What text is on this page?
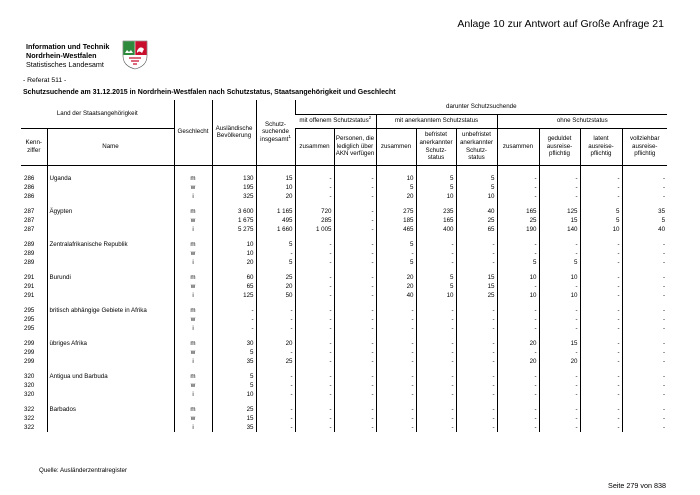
Anlage 10 zur Antwort auf Große Anfrage 21
Information und Technik
Nordrhein-Westfalen
Statistisches Landesamt
- Referat 511 -
Schutzsuchende am 31.12.2015 in Nordrhein-Westfalen nach Schutzstatus, Staatsangehörigkeit und Geschlecht
Land der Staatsangehörigkeit		Geschlecht	Ausländische Bevölkerung	Schutz-
suchende
insgesamt$^1$	darunter Schutzsuchende								
					mit offenem Schutzstatus$^2$		mit anerkanntem Schutzstatus			ohne Schutzstatus			
Kenn-
ziffer	Name				zusammen	Personen, die lediglich über AKN verfügen	zusammen	befristet anerkannter Schutz-
status	unbefristet anerkannter Schutz-
status	zusammen	geduldet ausreise-
pflichtig	latent ausreise-
pflichtig	vollziehbar ausreise-
pflichtig

286	Uganda	m	130	15	-	-	10	5	5	-	-	-	-
286		w	195	10	-	-	5	5	5	-	-	-	-
286		i	325	20	-	-	20	10	10	-	-	-	-

287	Ägypten	m	3 600	1 165	720	-	275	235	40	165	125	5	35
287		w	1 675	495	285	-	185	165	25	25	15	5	5
287		i	5 275	1 660	1 005	-	465	400	65	190	140	10	40

289	Zentralafrikanische Republik	m	10	5	-	-	5	-	-	-	-	-	-
289		w	10	-	-	-	-	-	-	-	-	-	-
289		i	20	5	-	-	5	-	-	5	5	-	-

291	Burundi	m	60	25	-	-	20	5	15	10	10	-	-
291		w	65	20	-	-	20	5	15	-	-	-	-
291		i	125	50	-	-	40	10	25	10	10	-	-

295	britisch abhängige Gebiete in Afrika	m	-	-	-	-	-	-	-	-	-	-	-
295		w	-	-	-	-	-	-	-	-	-	-	-
295		i	-	-	-	-	-	-	-	-	-	-	-

299	übriges Afrika	m	30	20	-	-	-	-	-	20	15	-	-
299		w	5	-	-	-	-	-	-	-	-	-	-
299		i	35	25	-	-	-	-	-	20	20	-	-

320	Antigua und Barbuda	m	5	-	-	-	-	-	-	-	-	-	-
320		w	5	-	-	-	-	-	-	-	-	-	-
320		i	10	-	-	-	-	-	-	-	-	-	-

322	Barbados	m	25	-	-	-	-	-	-	-	-	-	-
322		w	15	-	-	-	-	-	-	-	-	-	-
322		i	35	-	-	-	-	-	-	-	-	-	-
Quelle: Ausländerzentralregister
Seite 279 von 838
